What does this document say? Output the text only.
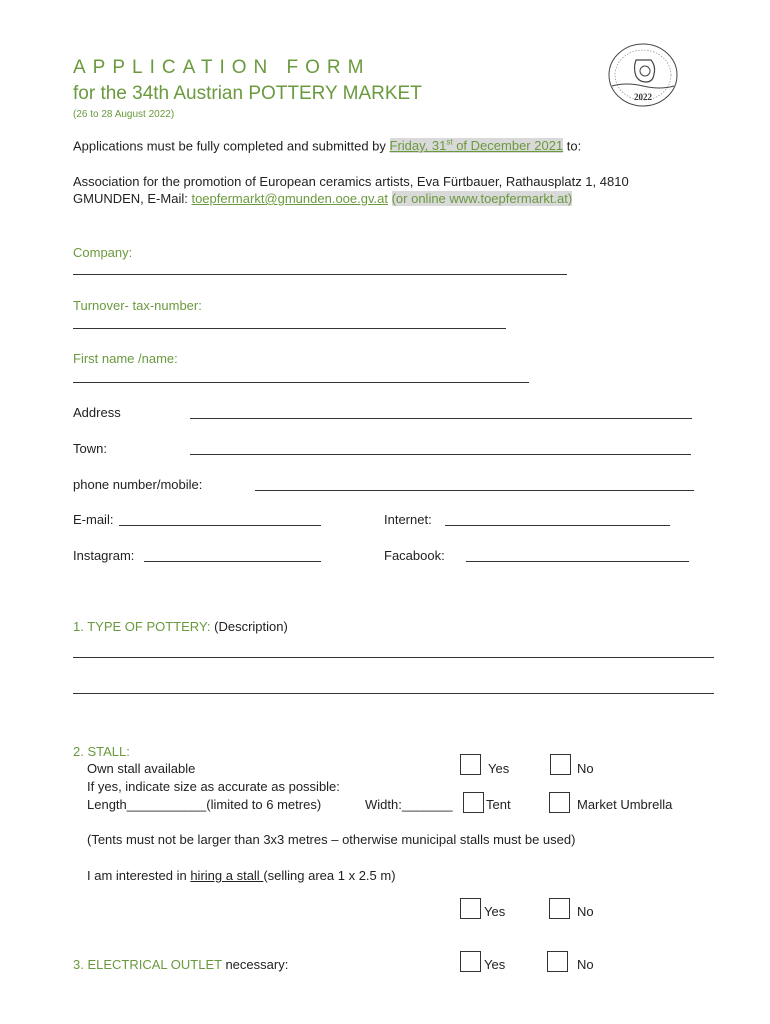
APPLICATION FORM
for the 34th Austrian POTTERY MARKET
(26 to 28 August 2022)
2022
Applications must be fully completed and submitted by Friday, 31st of December 2021 to:
Association for the promotion of European ceramics artists, Eva Fürtbauer, Rathausplatz 1, 4810
GMUNDEN, E-Mail: toepfermarkt@gmunden.ooe.gv.at (or online www.toepfermarkt.at)
Company:
Turnover- tax-number:
First name /name:
Address
Town:
phone number/mobile:
E-mail:	Internet:
Instagram:	Facabook:
1. TYPE OF POTTERY: (Description)
2. STALL:
Own stall available	Yes	No
If yes, indicate size as accurate as possible:
Length___________(limited to 6 metres)	Width:_______	Tent	Market Umbrella
(Tents must not be larger than 3x3 metres – otherwise municipal stalls must be used)
I am interested in hiring a stall (selling area 1 x 2.5 m)
Yes	No
3. ELECTRICAL OUTLET necessary:	Yes	No
